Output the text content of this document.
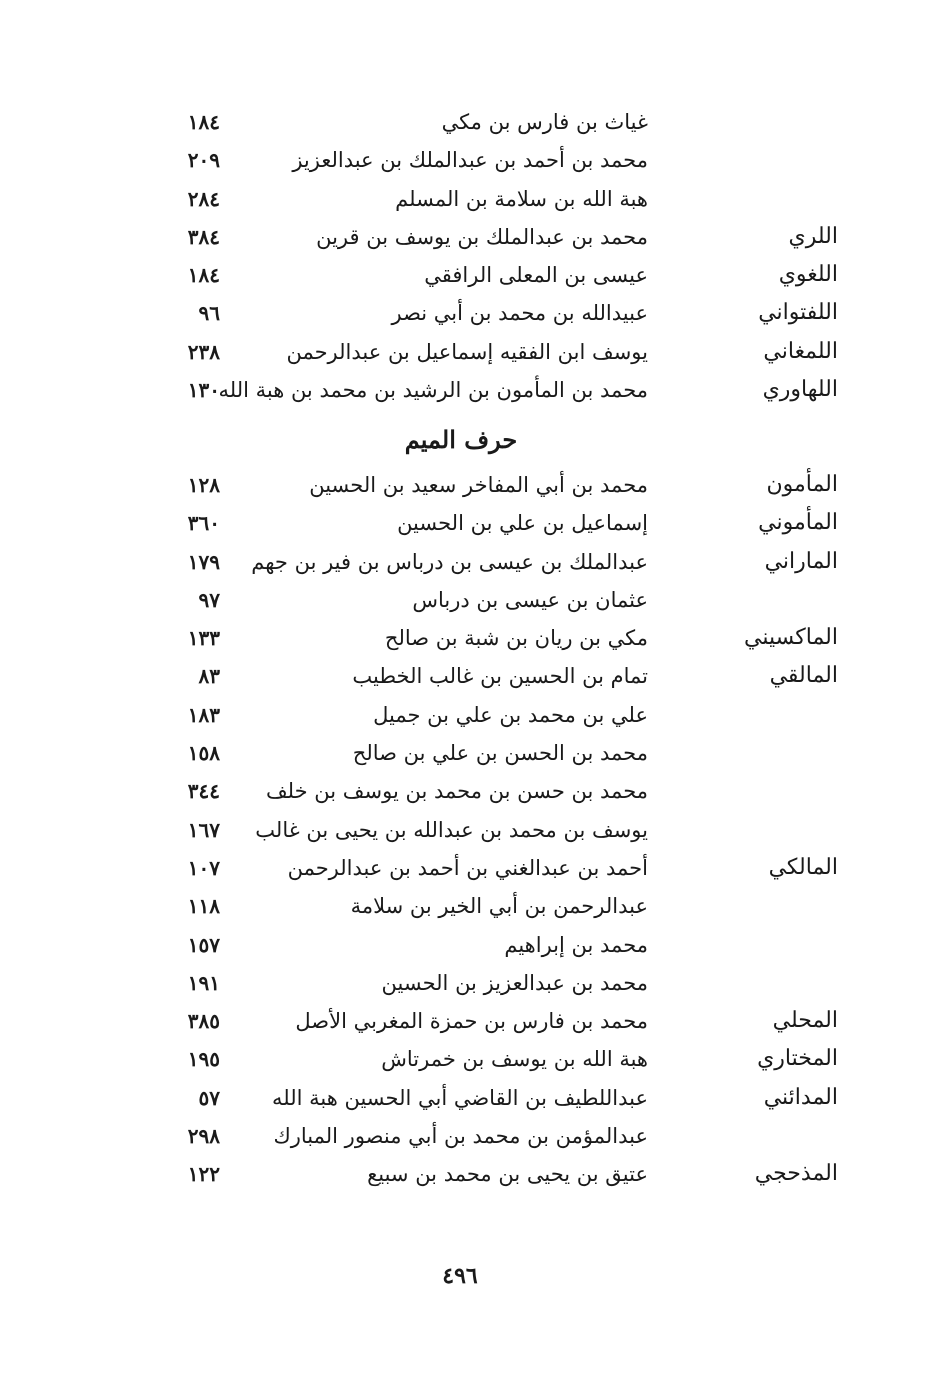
غياث بن فارس بن مكي
١٨٤
محمد بن أحمد بن عبدالملك بن عبدالعزيز
٢٠٩
هبة الله بن سلامة بن المسلم
٢٨٤
اللري
محمد بن عبدالملك بن يوسف بن قرين
٣٨٤
اللغوي
عيسى بن المعلى الرافقي
١٨٤
اللفتواني
عبيدالله بن محمد بن أبي نصر
٩٦
اللمغاني
يوسف ابن الفقيه إسماعيل بن عبدالرحمن
٢٣٨
اللهاوري
محمد بن المأمون بن الرشيد بن محمد بن هبة الله
١٣٠
حرف الميم
المأمون
محمد بن أبي المفاخر سعيد بن الحسين
١٢٨
المأموني
إسماعيل بن علي بن الحسين
٣٦٠
الماراني
عبدالملك بن عيسى بن درباس بن فير بن جهم
١٧٩
عثمان بن عيسى بن درباس
٩٧
الماكسيني
مكي بن ريان بن شبة بن صالح
١٣٣
المالقي
تمام بن الحسين بن غالب الخطيب
٨٣
علي بن محمد بن علي بن جميل
١٨٣
محمد بن الحسن بن علي بن صالح
١٥٨
محمد بن حسن بن محمد بن يوسف بن خلف
٣٤٤
يوسف بن محمد بن عبدالله بن يحيى بن غالب
١٦٧
المالكي
أحمد بن عبدالغني بن أحمد بن عبدالرحمن
١٠٧
عبدالرحمن بن أبي الخير بن سلامة
١١٨
محمد بن إبراهيم
١٥٧
محمد بن عبدالعزيز بن الحسين
١٩١
المحلي
محمد بن فارس بن حمزة المغربي الأصل
٣٨٥
المختاري
هبة الله بن يوسف بن خمرتاش
١٩٥
المدائني
عبداللطيف بن القاضي أبي الحسين هبة الله
٥٧
عبدالمؤمن بن محمد بن أبي منصور المبارك
٢٩٨
المذحجي
عتيق بن يحيى بن محمد بن سبيع
١٢٢
٤٩٦
